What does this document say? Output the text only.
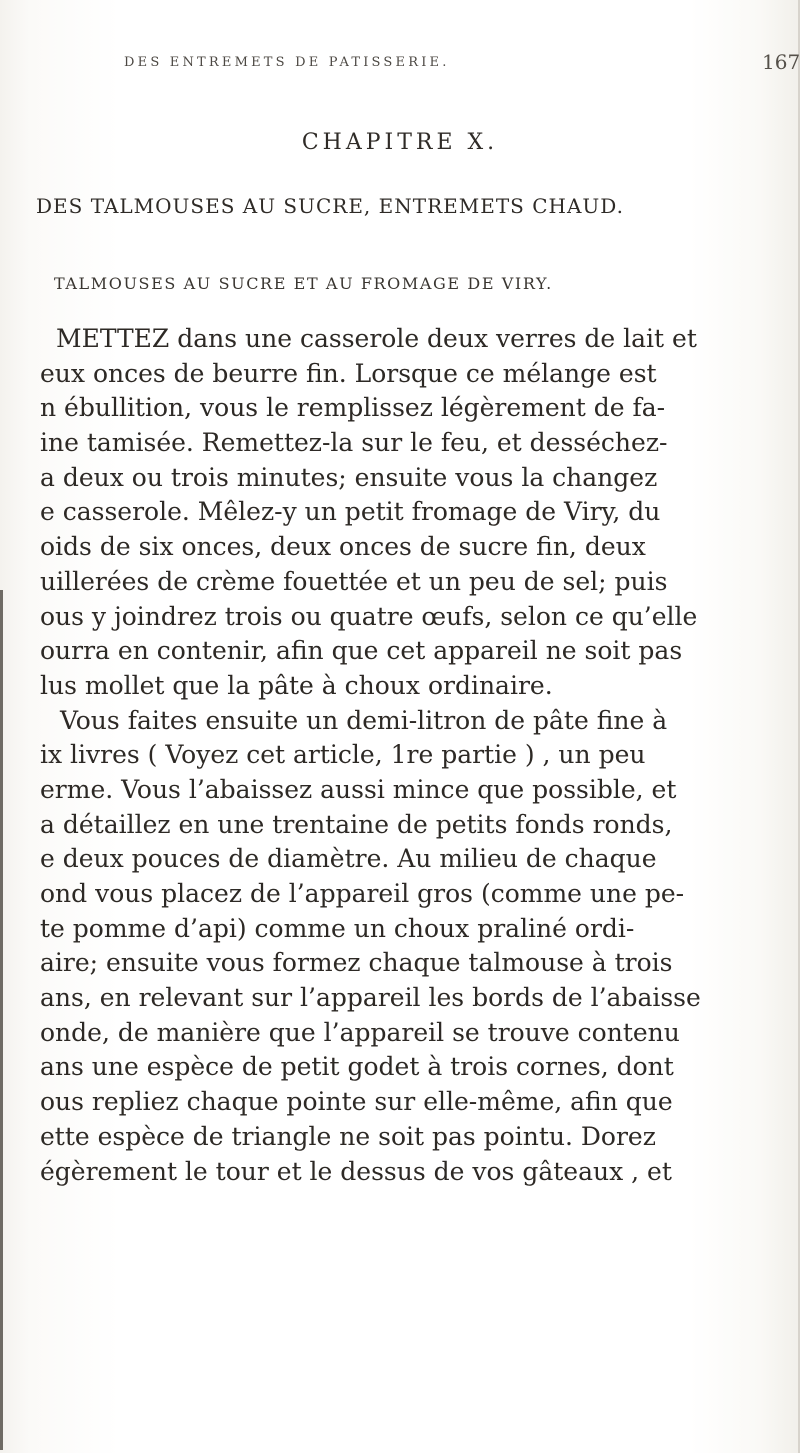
DES ENTREMETS DE PATISSERIE.	167
CHAPITRE X.
DES TALMOUSES AU SUCRE, ENTREMETS CHAUD.
TALMOUSES AU SUCRE ET AU FROMAGE DE VIRY.
METTEZ dans une casserole deux verres de lait et
eux onces de beurre fin. Lorsque ce mélange est
n ébullition, vous le remplissez légèrement de fa-
ine tamisée. Remettez-la sur le feu, et desséchez-
a deux ou trois minutes; ensuite vous la changez
e casserole. Mêlez-y un petit fromage de Viry, du
oids de six onces, deux onces de sucre fin, deux
uillerées de crème fouettée et un peu de sel; puis
ous y joindrez trois ou quatre œufs, selon ce qu’elle
ourra en contenir, afin que cet appareil ne soit pas
lus mollet que la pâte à choux ordinaire.
Vous faites ensuite un demi-litron de pâte fine à
ix livres ( Voyez cet article, 1re partie ) , un peu
erme. Vous l’abaissez aussi mince que possible, et
a détaillez en une trentaine de petits fonds ronds,
e deux pouces de diamètre. Au milieu de chaque
ond vous placez de l’appareil gros (comme une pe-
te pomme d’api) comme un choux praliné ordi-
aire; ensuite vous formez chaque talmouse à trois
ans, en relevant sur l’appareil les bords de l’abaisse
onde, de manière que l’appareil se trouve contenu
ans une espèce de petit godet à trois cornes, dont
ous repliez chaque pointe sur elle-même, afin que
ette espèce de triangle ne soit pas pointu. Dorez
égèrement le tour et le dessus de vos gâteaux , et
